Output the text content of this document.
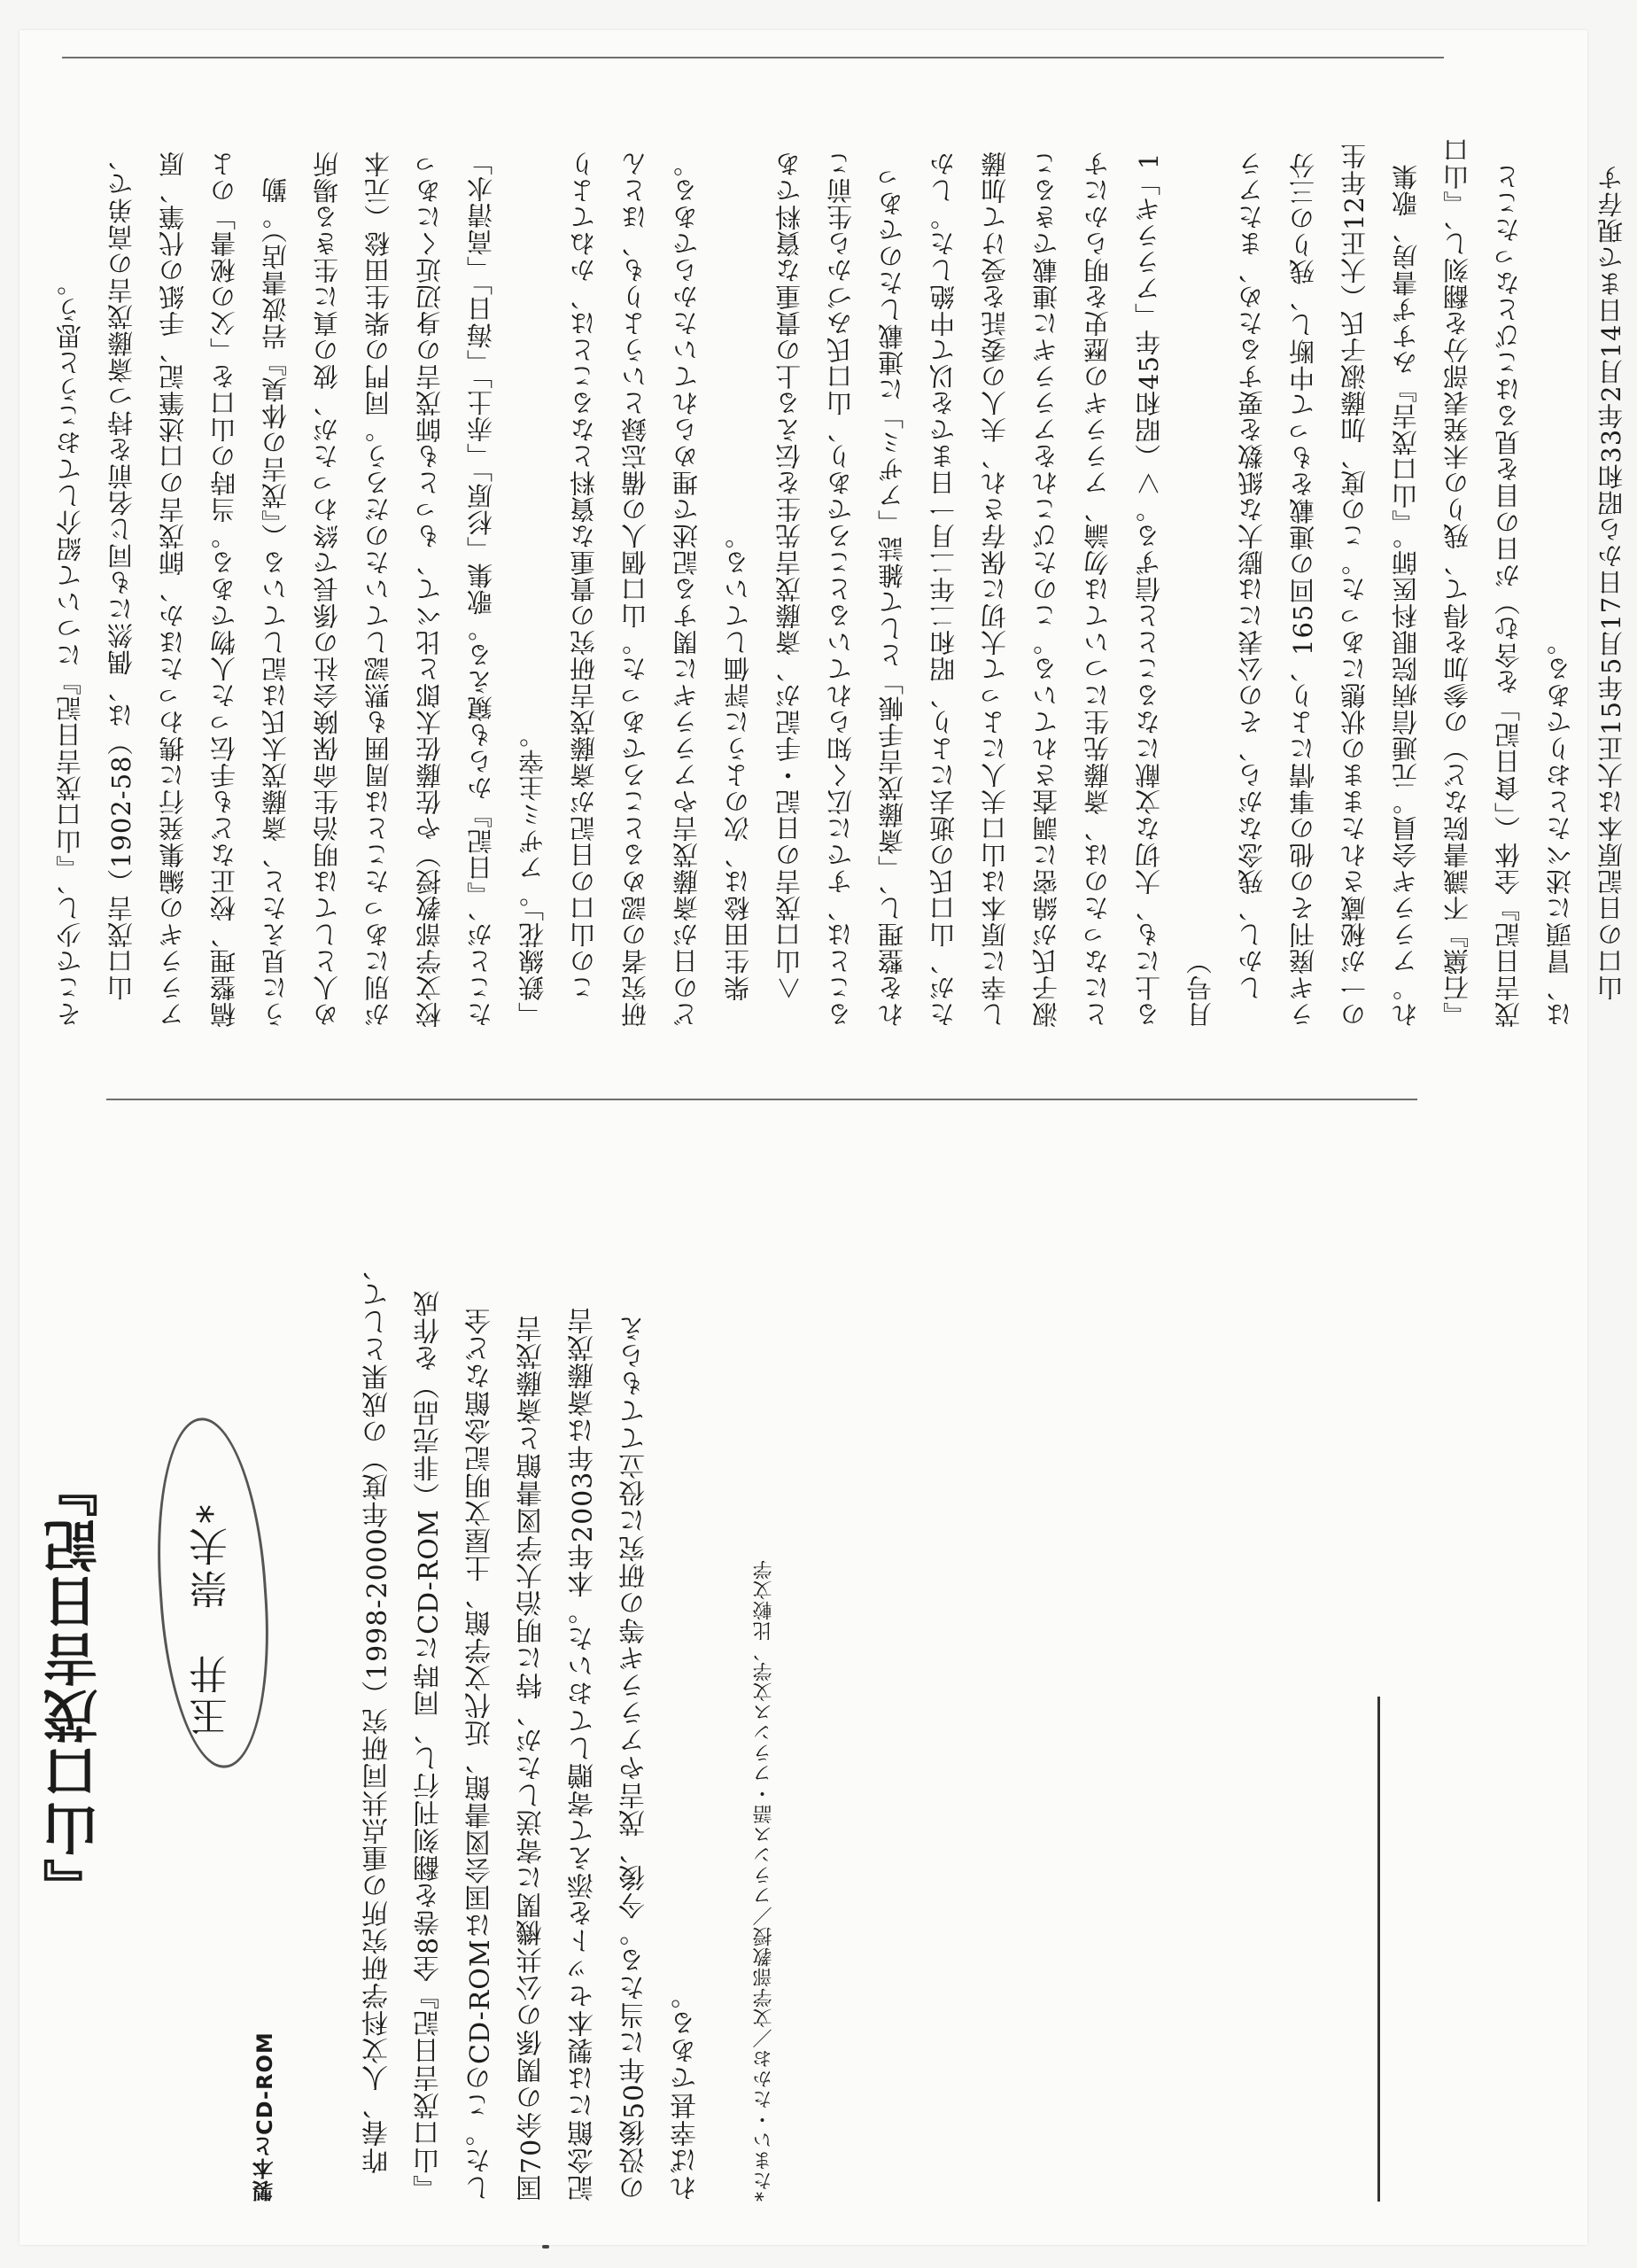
そこで少し、『山口茂吉日記』について紹介しておこうと思う。 　山口茂吉（1902-58）は、偶然にも同じ名前を持つ斎藤茂吉の高弟で、 アララギの編集発行に携わったほか、師茂吉の口述筆記、手紙の代筆、原 稿整理、校正なども手伝った人物である。当時の山口を「父の秘書」のよ うに見えたと、斎藤茂太氏は記している（『茂吉の体臭』岩波書店）。勤 め人としては明治生命保険会社の係長で終わったが、彼の真に生きる場所 が別にあったことは周囲も黙認していたのだろう。同門の柴生田稔（元本 校文学部教授）や佐藤佐太郎と比べて、もっとも師茂吉の身辺近くにあっ たことが、『日記』からも窺える。歌集「杉原」「赤土」「海日」「高清水」 「鉄線花」。アザミ主宰。 　この山口の日記が斎藤茂吉研究の貴重な資料となることは、かねてより 研究者の認めるところであった。山口個人の備忘録というよりも、ほとん どの日が斎藤茂吉やアララギに関する記述で埋められていたからである。 　柴生田稔は、次のように評価している。 　＜山口茂吉の日記・手記が、斎藤茂吉先生を伝える上の貴重な資料であ ることは、すでに広く知られているところであり、山口氏みづから生前こ れを整理し、「斎藤茂吉手帳」として雑誌「アザミ」に連載したのであっ たが、山口氏の逝去により、昭和二年二月一日までを以て中絶した。しか し幸に原本は山口夫人によって大切に保存され、夫人の委託を受けて加藤 淑子氏が綿密に調査されている。このたびこれをアララギに連載できるこ とになったのは、斎藤先生については勿論、アララギの歴史を明らかにす る上にも、大切な文献になることと信ずる。＞（昭和45年「アララギ」1 月号） 　しかし、残念ながら、その公表には膨大な紙数を要するため、またアラ ラギ廃刊その他の事情により、165回の連載をもって中断し、残りの三分 の一が秘蔵されたままの状態にあった。この度、加藤淑子氏（大正12年生 れ。アララギ会員。元逓信病院眼科医師。『山口茂吉』みすず書房、歌集 『石黛』不識書院など）の参加を得て、残りの未発表部分を翻刻し、『山口 茂吉日記』全体（「食日記」を含む）が日の目を見るはこびとなったこと は、冒頭に述べたとおりである。 　山口の日記原本は大正15年5月17日から昭和33年2月14日まで現存す
『山口茂吉日記』	玉井　崇夫*
製本とCD-ROM	　昨春、人文科学研究所の重点共同研究（1998-2000年度）の成果として、 『山口茂吉日記』全8巻を翻刻刊行し、同時にCD-ROM（非売品）を作成 した。このCD-ROMは国会図書館、近代文学館、土屋文明記念館など全 国70余の関係の公共機関に寄送したが、特に明治大学図書館と斎藤茂吉 記念館には製本セットを添えて寄贈しておいた。本年2003年は斎藤茂吉 の没後50年に当たる。今後、茂吉やアララギ等の研究に役立ててもらえ れば幸甚である。	*たまい・たかお／文学部教授／フランス語・フランス文学、比較文学
